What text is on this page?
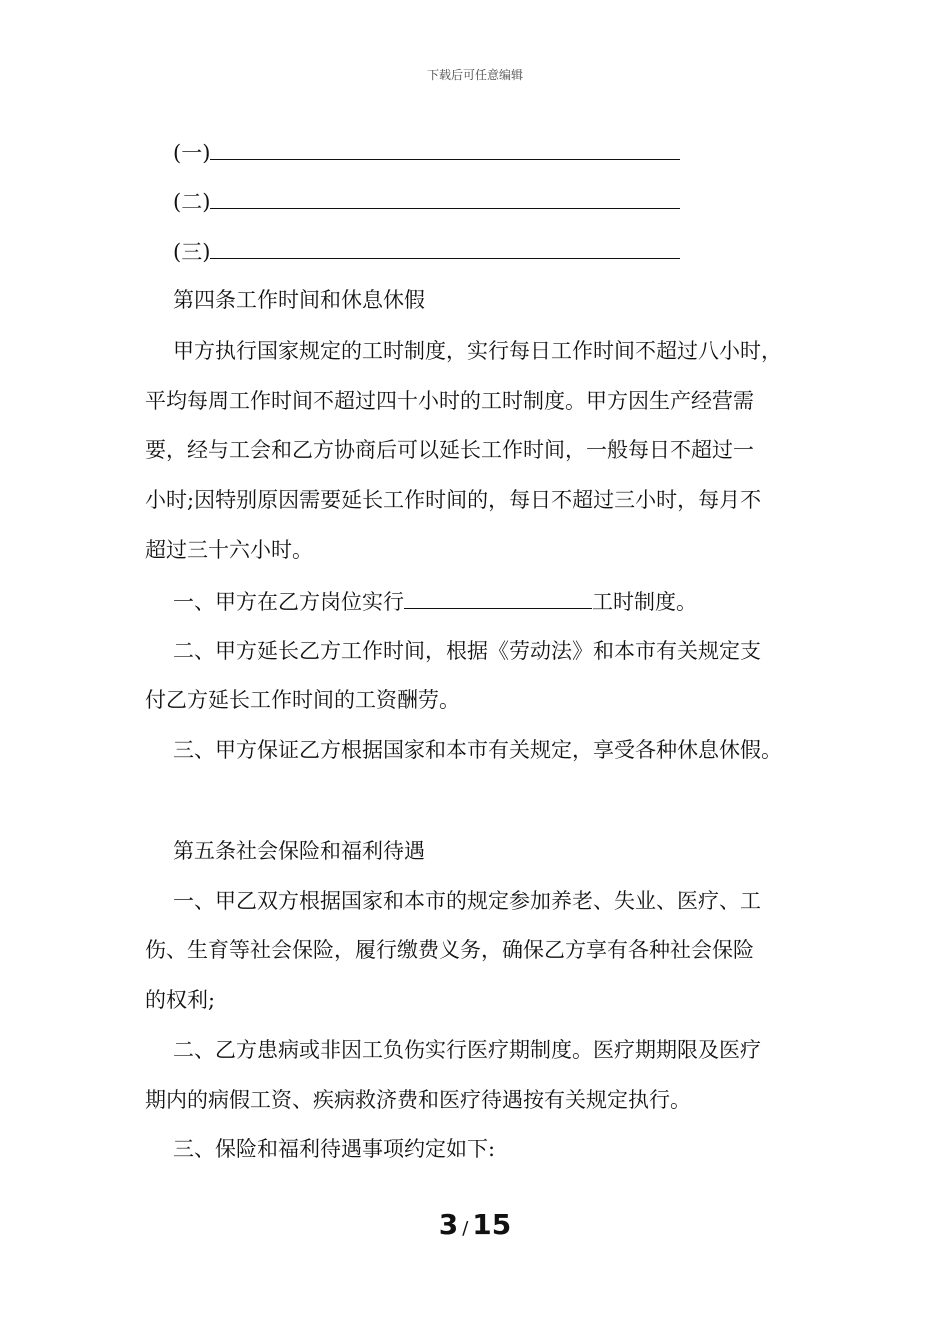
下载后可任意编辑
(一)
(二)
(三)
第四条工作时间和休息休假
甲方执行国家规定的工时制度，实行每日工作时间不超过八小时，
平均每周工作时间不超过四十小时的工时制度。甲方因生产经营需
要，经与工会和乙方协商后可以延长工作时间，一般每日不超过一
小时;因特别原因需要延长工作时间的，每日不超过三小时，每月不
超过三十六小时。
一、甲方在乙方岗位实行	工时制度。
二、甲方延长乙方工作时间，根据《劳动法》和本市有关规定支
付乙方延长工作时间的工资酬劳。
三、甲方保证乙方根据国家和本市有关规定，享受各种休息休假。
第五条社会保险和福利待遇
一、甲乙双方根据国家和本市的规定参加养老、失业、医疗、工
伤、生育等社会保险，履行缴费义务，确保乙方享有各种社会保险
的权利;
二、乙方患病或非因工负伤实行医疗期制度。医疗期期限及医疗
期内的病假工资、疾病救济费和医疗待遇按有关规定执行。
三、保险和福利待遇事项约定如下:
3 / 15
